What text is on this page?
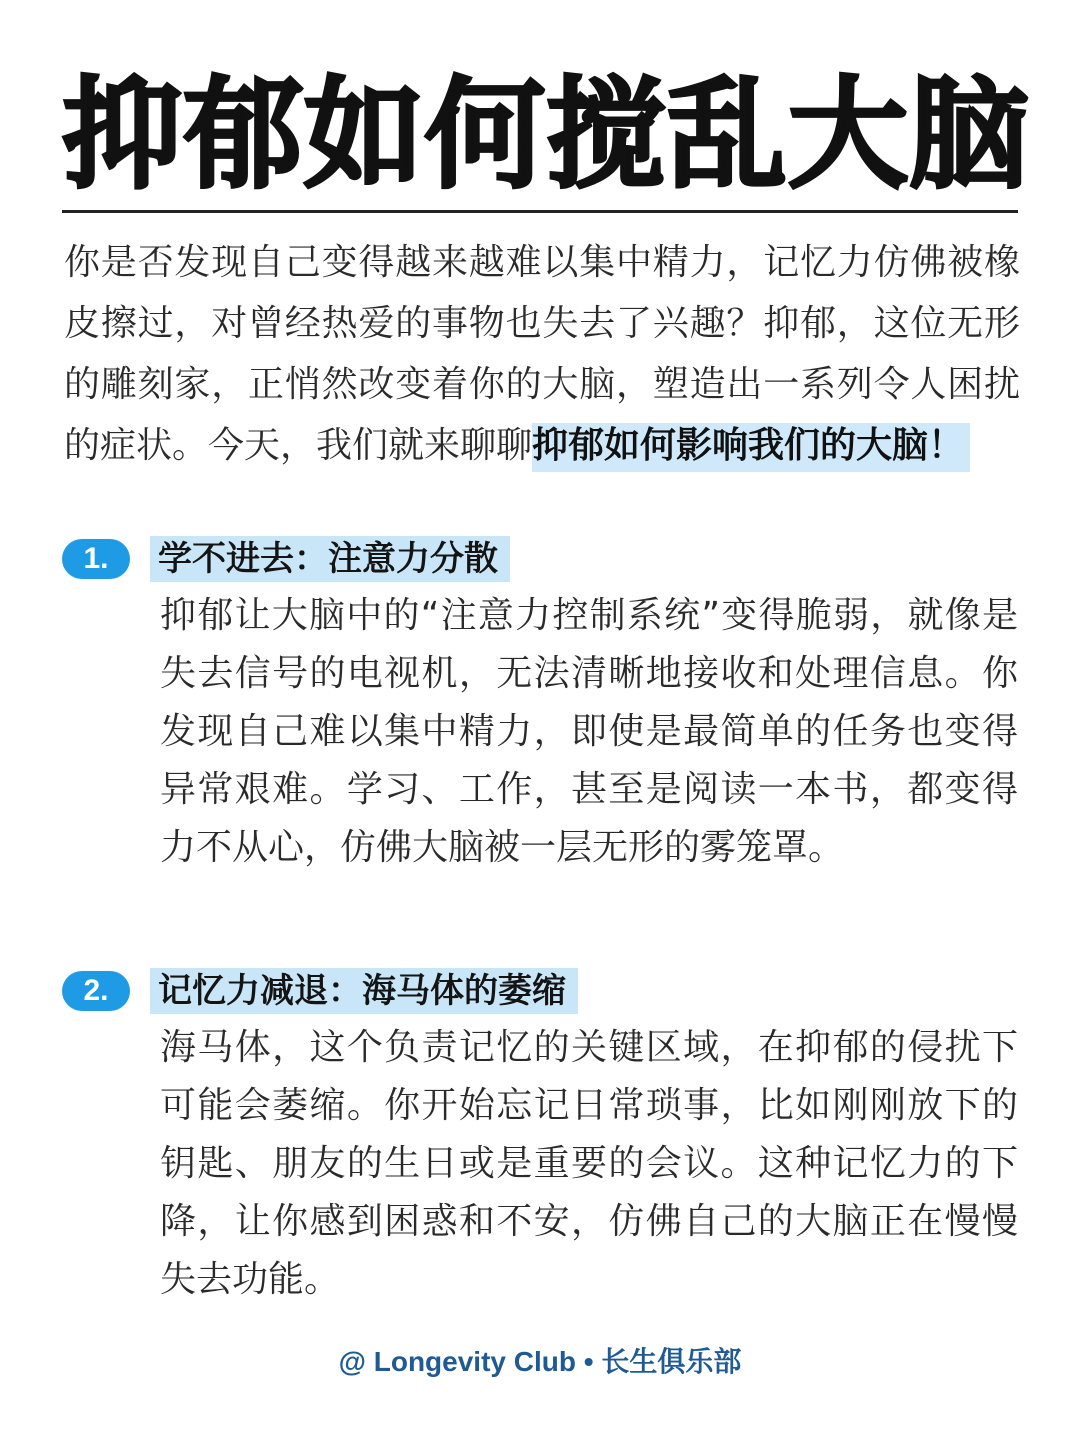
抑郁如何搅乱大脑
你是否发现自己变得越来越难以集中精力，记忆力仿佛被橡皮擦过，对曾经热爱的事物也失去了兴趣？抑郁，这位无形的雕刻家，正悄然改变着你的大脑，塑造出一系列令人困扰的症状。今天，我们就来聊聊抑郁如何影响我们的大脑！
1.	学不进去：注意力分散
抑郁让大脑中的“注意力控制系统”变得脆弱，就像是失去信号的电视机，无法清晰地接收和处理信息。你发现自己难以集中精力，即使是最简单的任务也变得异常艰难。学习、工作，甚至是阅读一本书，都变得力不从心，仿佛大脑被一层无形的雾笼罩。
2.	记忆力减退：海马体的萎缩
海马体，这个负责记忆的关键区域，在抑郁的侵扰下可能会萎缩。你开始忘记日常琐事，比如刚刚放下的钥匙、朋友的生日或是重要的会议。这种记忆力的下降，让你感到困惑和不安，仿佛自己的大脑正在慢慢失去功能。
@ Longevity Club • 长生俱乐部
